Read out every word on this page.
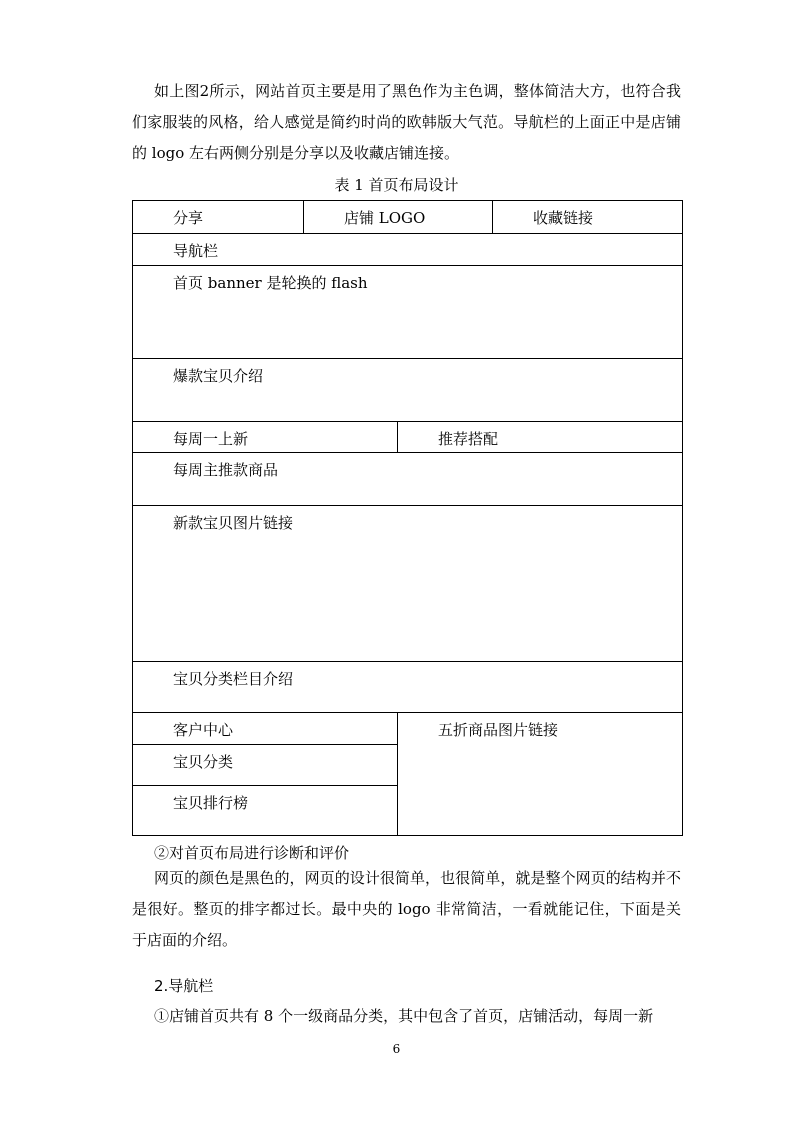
如上图2所示，网站首页主要是用了黑色作为主色调，整体简洁大方，也符合我们家服装的风格，给人感觉是简约时尚的欧韩版大气范。导航栏的上面正中是店铺的 logo 左右两侧分别是分享以及收藏店铺连接。

表 1 首页布局设计
分享	店铺 LOGO		收藏链接
导航栏			
首页 banner 是轮换的 flash			
爆款宝贝介绍			
每周一上新		推荐搭配	
每周主推款商品			
新款宝贝图片链接			
宝贝分类栏目介绍			
客户中心		五折商品图片链接	
宝贝分类			
宝贝排行榜			
②对首页布局进行诊断和评价

网页的颜色是黑色的，网页的设计很简单，也很简单，就是整个网页的结构并不是很好。整页的排字都过长。最中央的 logo 非常简洁，一看就能记住，下面是关于店面的介绍。

2.导航栏
①店铺首页共有 8 个一级商品分类，其中包含了首页，店铺活动，每周一新
6
